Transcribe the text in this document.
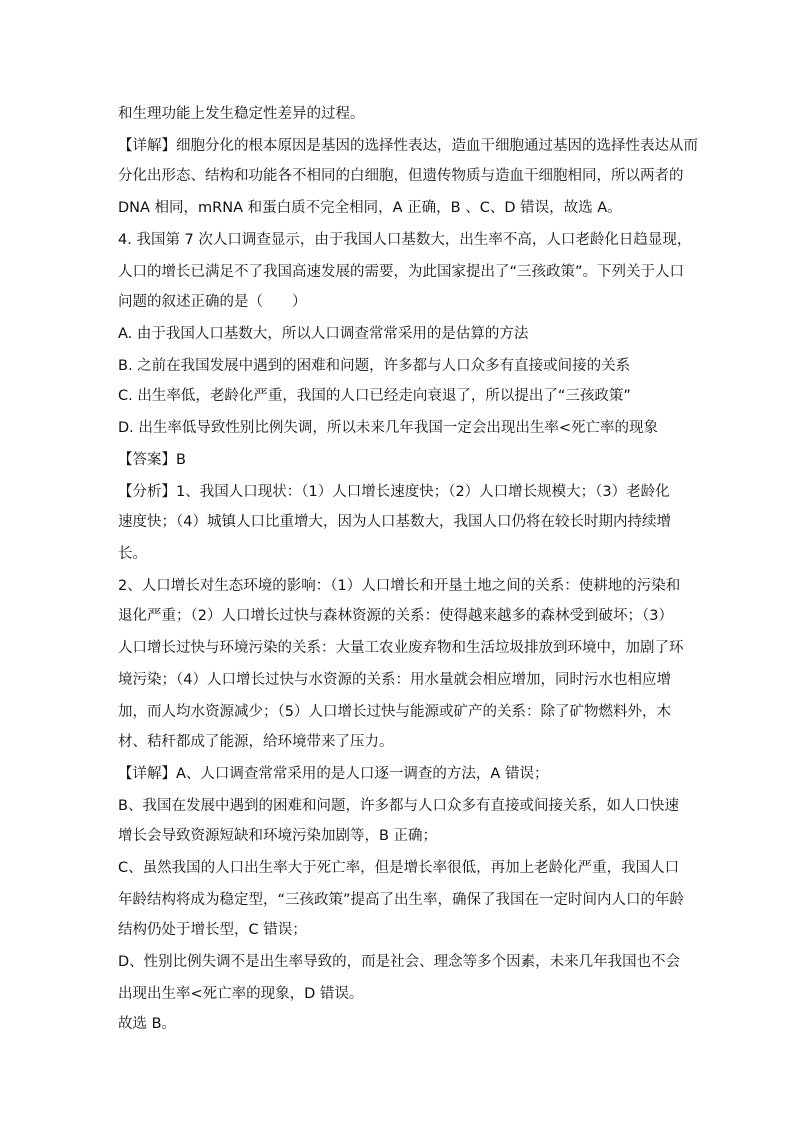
和生理功能上发生稳定性差异的过程。
【详解】细胞分化的根本原因是基因的选择性表达，造血干细胞通过基因的选择性表达从而
分化出形态、结构和功能各不相同的白细胞，但遗传物质与造血干细胞相同，所以两者的
DNA 相同，mRNA 和蛋白质不完全相同，A 正确，B 、C、D 错误，故选 A。
4. 我国第 7 次人口调查显示，由于我国人口基数大，出生率不高，人口老龄化日趋显现，
人口的增长已满足不了我国高速发展的需要，为此国家提出了“三孩政策”。下列关于人口
问题的叙述正确的是（　　）
A. 由于我国人口基数大，所以人口调查常常采用的是估算的方法
B. 之前在我国发展中遇到的困难和问题，许多都与人口众多有直接或间接的关系
C. 出生率低，老龄化严重，我国的人口已经走向衰退了，所以提出了“三孩政策”
D. 出生率低导致性别比例失调，所以未来几年我国一定会出现出生率<死亡率的现象
【答案】B
【分析】1、我国人口现状：（1）人口增长速度快；（2）人口增长规模大；（3）老龄化
速度快；（4）城镇人口比重增大，因为人口基数大，我国人口仍将在较长时期内持续增
长。
2、人口增长对生态环境的影响：（1）人口增长和开垦土地之间的关系：使耕地的污染和
退化严重；（2）人口增长过快与森林资源的关系：使得越来越多的森林受到破坏；（3）
人口增长过快与环境污染的关系：大量工农业废弃物和生活垃圾排放到环境中，加剧了环
境污染；（4）人口增长过快与水资源的关系：用水量就会相应增加，同时污水也相应增
加，而人均水资源减少；（5）人口增长过快与能源或矿产的关系：除了矿物燃料外，木
材、秸秆都成了能源，给环境带来了压力。
【详解】A、人口调查常常采用的是人口逐一调查的方法，A 错误；
B、我国在发展中遇到的困难和问题，许多都与人口众多有直接或间接关系，如人口快速
增长会导致资源短缺和环境污染加剧等，B 正确；
C、虽然我国的人口出生率大于死亡率，但是增长率很低，再加上老龄化严重，我国人口
年龄结构将成为稳定型，“三孩政策”提高了出生率，确保了我国在一定时间内人口的年龄
结构仍处于增长型，C 错误；
D、性别比例失调不是出生率导致的，而是社会、理念等多个因素，未来几年我国也不会
出现出生率<死亡率的现象，D 错误。
故选 B。
